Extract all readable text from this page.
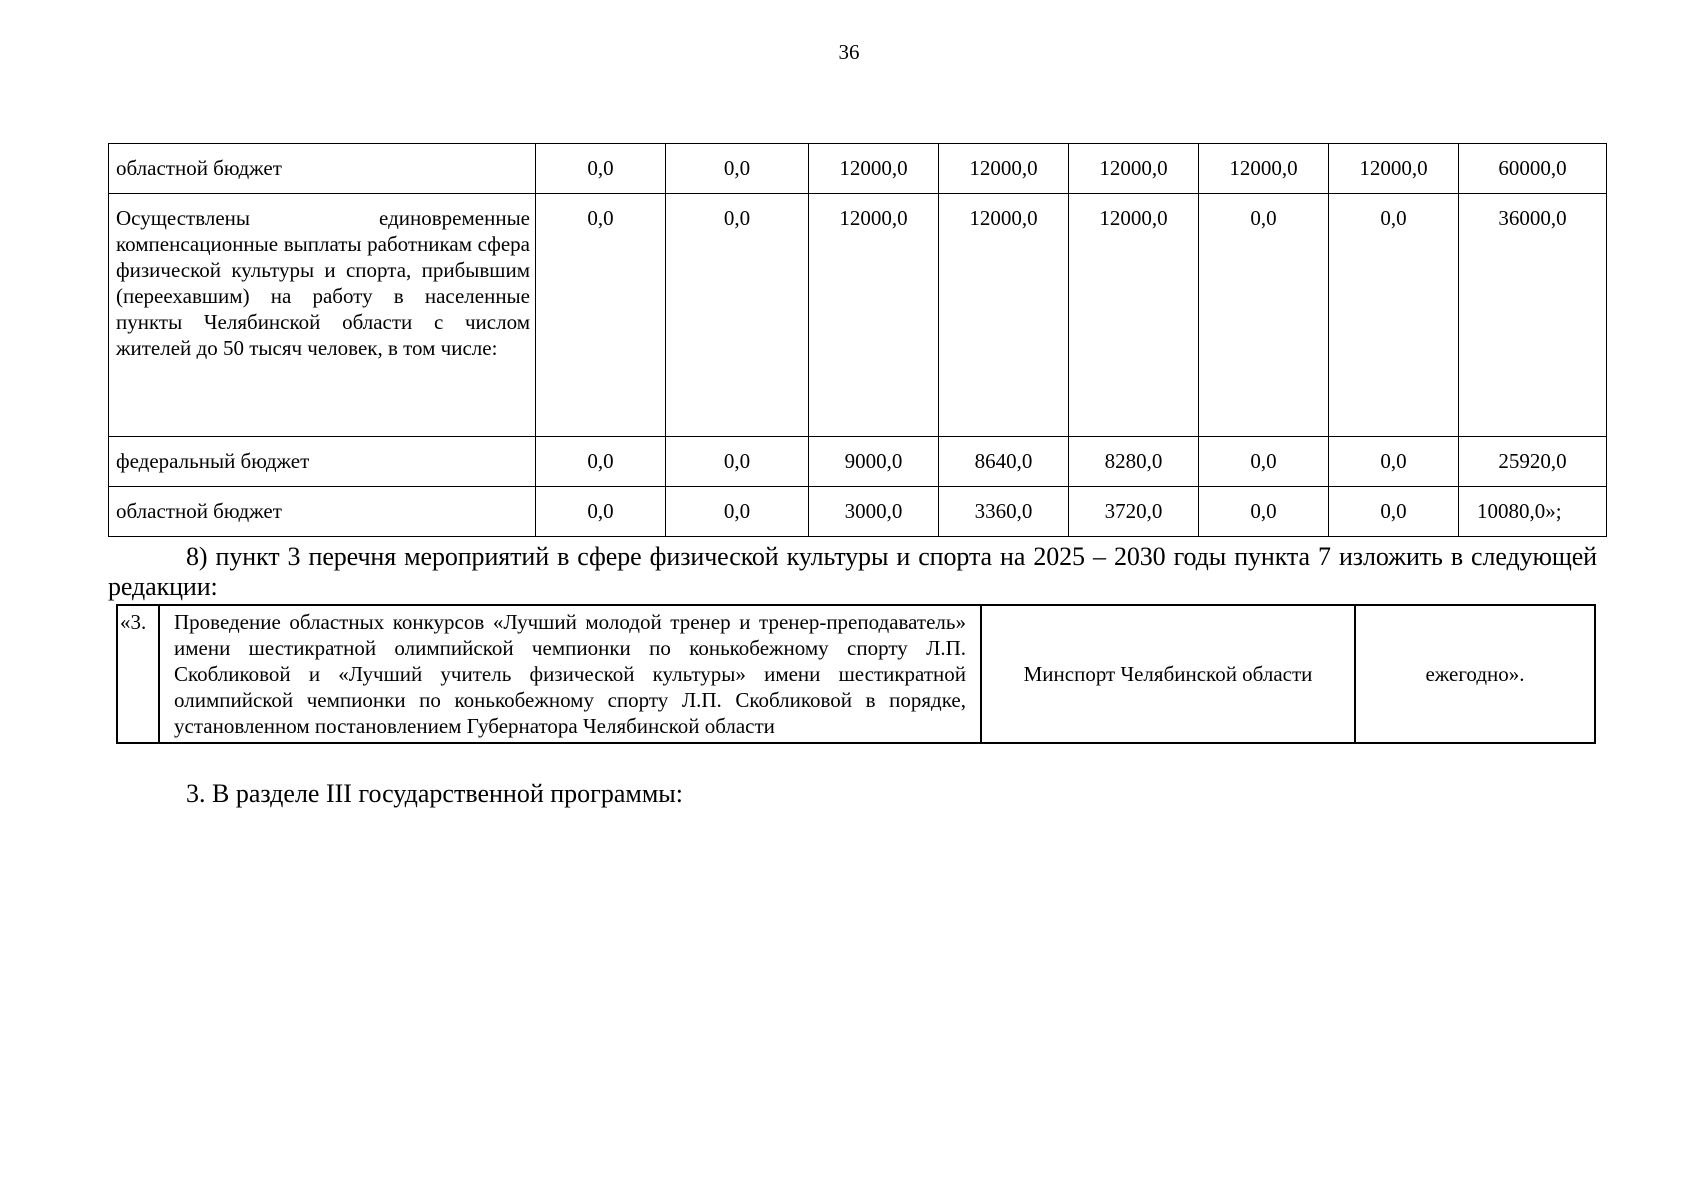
36
областной бюджет	0,0	0,0	12000,0	12000,0	12000,0	12000,0	12000,0	60000,0
Осуществлены единовременные компенсационные выплаты работникам сфера физической культуры и спорта, прибывшим (переехавшим) на работу в населенные пункты Челябинской области с числом жителей до 50 тысяч человек, в том числе:	0,0	0,0	12000,0	12000,0	12000,0	0,0	0,0	36000,0
федеральный бюджет	0,0	0,0	9000,0	8640,0	8280,0	0,0	0,0	25920,0
областной бюджет	0,0	0,0	3000,0	3360,0	3720,0	0,0	0,0	10080,0»;
8) пункт 3 перечня мероприятий в сфере физической культуры и спорта на 2025 – 2030 годы пункта 7 изложить в следующей редакции:
«3.	Проведение областных конкурсов «Лучший молодой тренер и тренер-преподаватель» имени шестикратной олимпийской чемпионки по конькобежному спорту Л.П. Скобликовой и «Лучший учитель физической культуры» имени шестикратной олимпийской чемпионки по конькобежному спорту Л.П. Скобликовой в порядке, установленном постановлением Губернатора Челябинской области	Минспорт Челябинской области	ежегодно».
3. В разделе III государственной программы:
